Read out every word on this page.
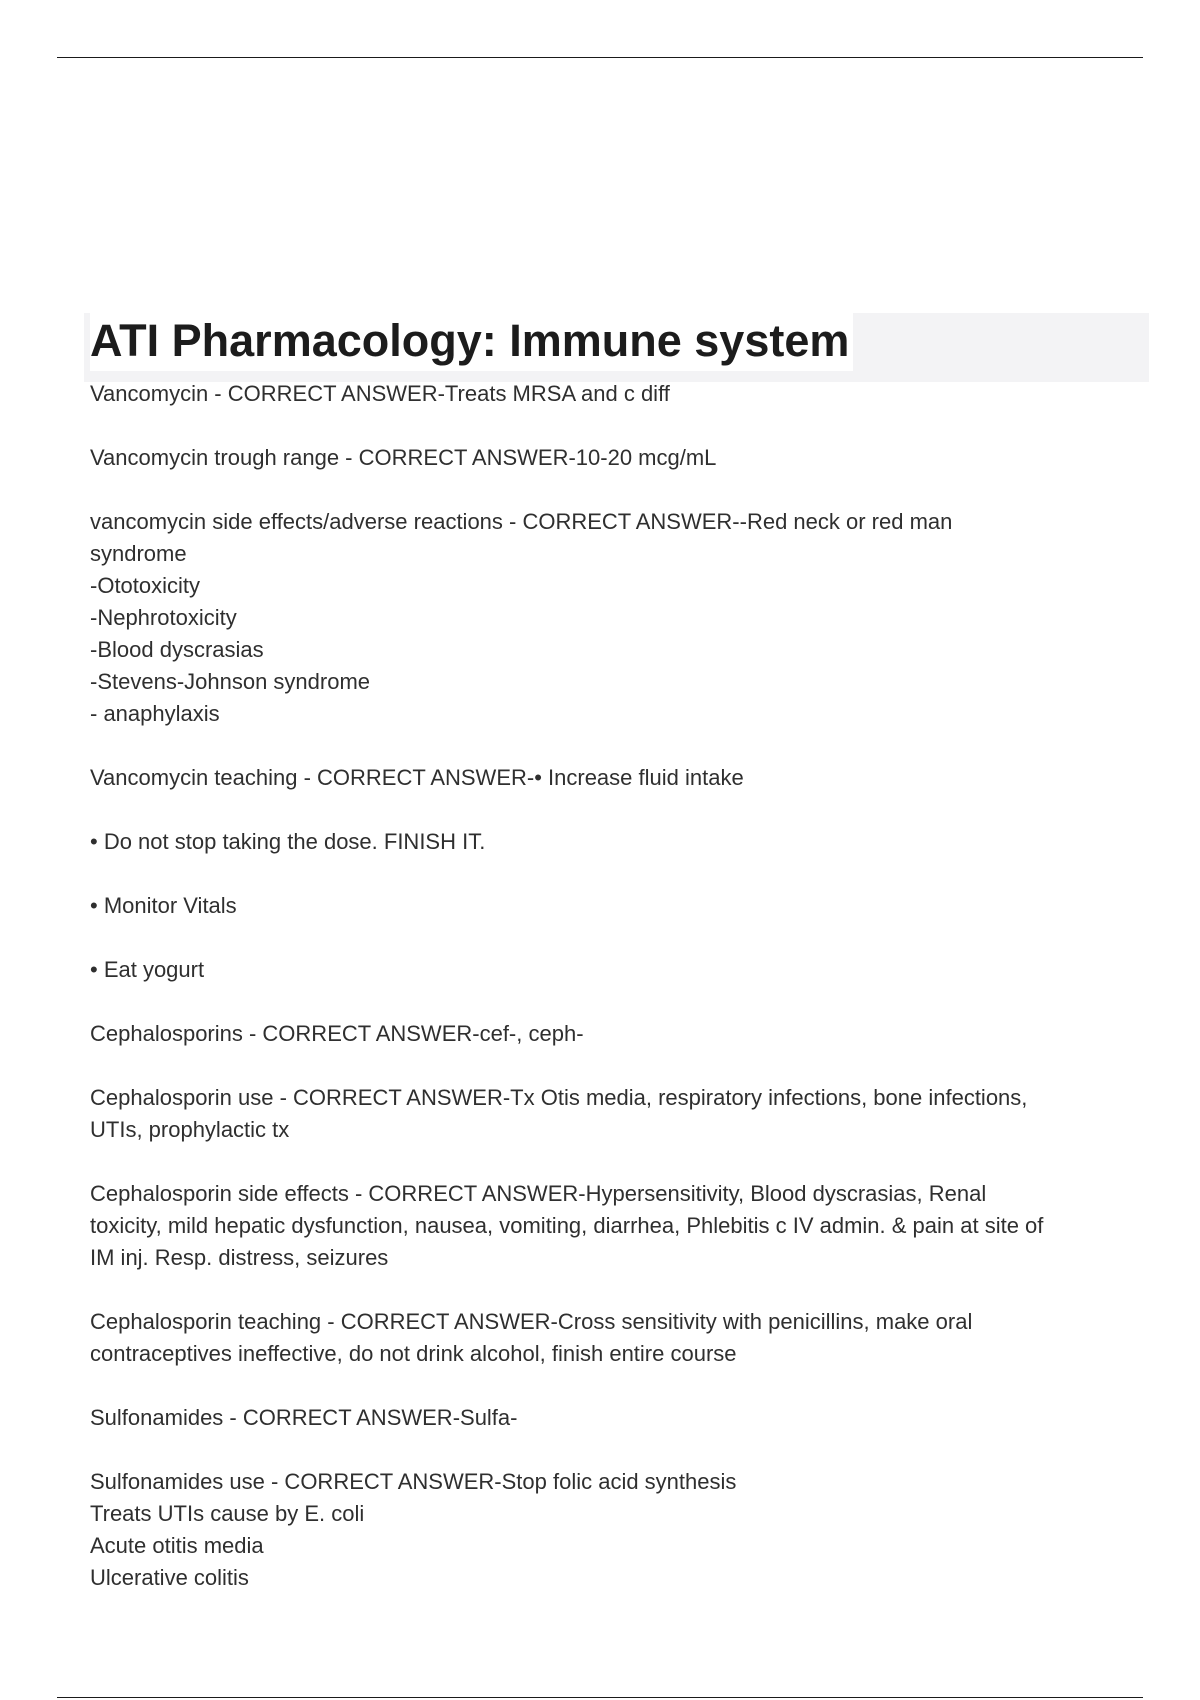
ATI Pharmacology: Immune system
Vancomycin - CORRECT ANSWER-Treats MRSA and c diff
Vancomycin trough range - CORRECT ANSWER-10-20 mcg/mL
vancomycin side effects/adverse reactions - CORRECT ANSWER--Red neck or red man
syndrome
-Ototoxicity
-Nephrotoxicity
-Blood dyscrasias
-Stevens-Johnson syndrome
- anaphylaxis
Vancomycin teaching - CORRECT ANSWER-• Increase fluid intake
• Do not stop taking the dose. FINISH IT.
• Monitor Vitals
• Eat yogurt
Cephalosporins - CORRECT ANSWER-cef-, ceph-
Cephalosporin use - CORRECT ANSWER-Tx Otis media, respiratory infections, bone infections,
UTIs, prophylactic tx
Cephalosporin side effects - CORRECT ANSWER-Hypersensitivity, Blood dyscrasias, Renal
toxicity, mild hepatic dysfunction, nausea, vomiting, diarrhea, Phlebitis c IV admin. & pain at site of
IM inj. Resp. distress, seizures
Cephalosporin teaching - CORRECT ANSWER-Cross sensitivity with penicillins, make oral
contraceptives ineffective, do not drink alcohol, finish entire course
Sulfonamides - CORRECT ANSWER-Sulfa-
Sulfonamides use - CORRECT ANSWER-Stop folic acid synthesis
Treats UTIs cause by E. coli
Acute otitis media
Ulcerative colitis
